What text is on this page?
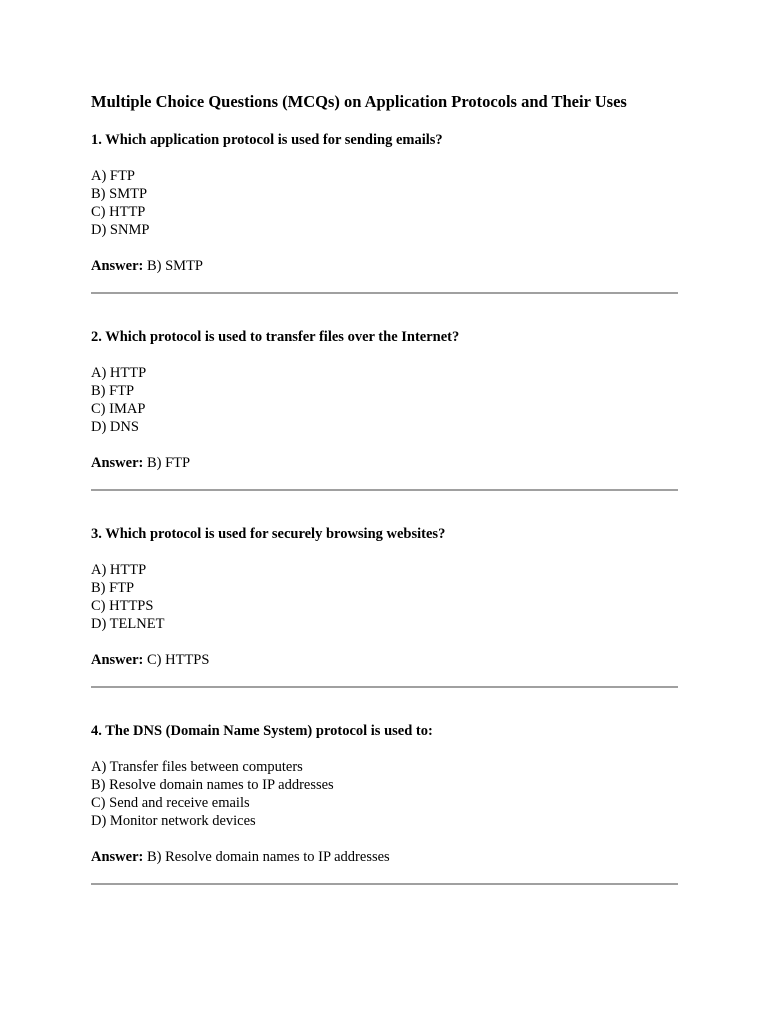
Multiple Choice Questions (MCQs) on Application Protocols and Their Uses
1. Which application protocol is used for sending emails?
A) FTP
B) SMTP
C) HTTP
D) SNMP
Answer: B) SMTP
2. Which protocol is used to transfer files over the Internet?
A) HTTP
B) FTP
C) IMAP
D) DNS
Answer: B) FTP
3. Which protocol is used for securely browsing websites?
A) HTTP
B) FTP
C) HTTPS
D) TELNET
Answer: C) HTTPS
4. The DNS (Domain Name System) protocol is used to:
A) Transfer files between computers
B) Resolve domain names to IP addresses
C) Send and receive emails
D) Monitor network devices
Answer: B) Resolve domain names to IP addresses
